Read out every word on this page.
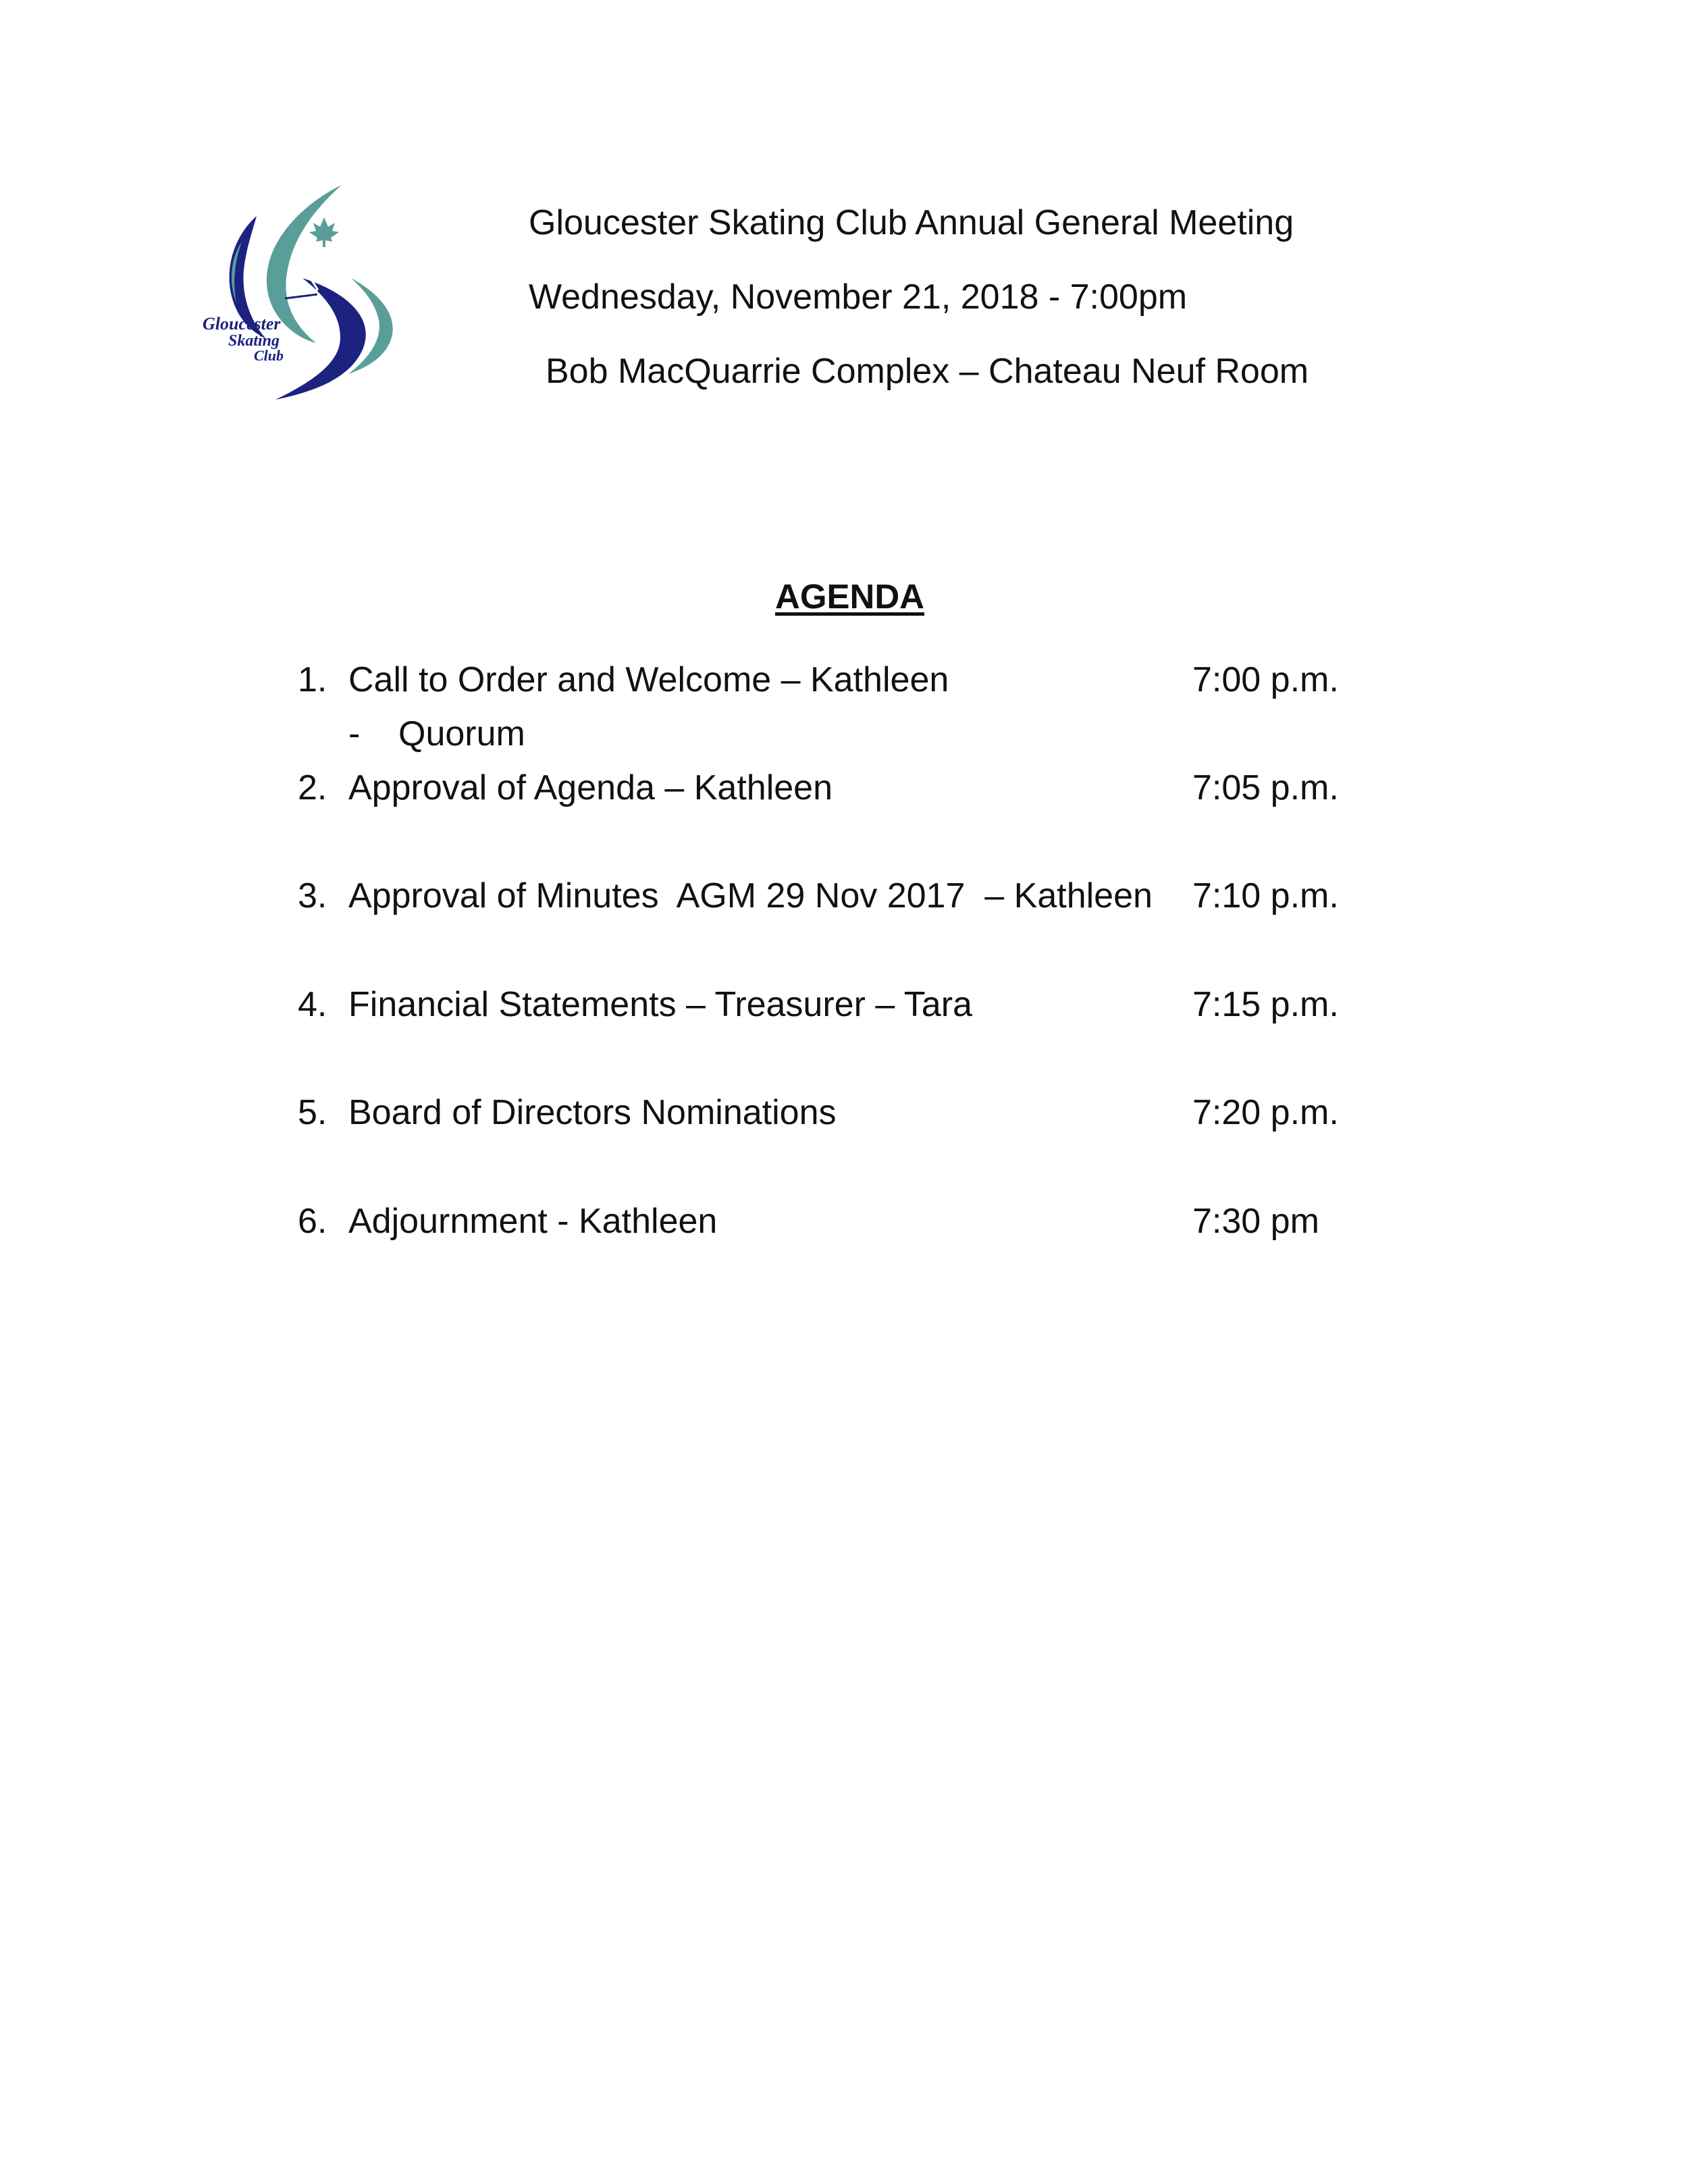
Gloucester
Skating
Club
Gloucester Skating Club Annual General Meeting
Wednesday, November 21, 2018 - 7:00pm
Bob MacQuarrie Complex – Chateau Neuf Room
AGENDA
1. Call to Order and Welcome – Kathleen	7:00 p.m.
- Quorum
2. Approval of Agenda – Kathleen	7:05 p.m.
3. Approval of Minutes  AGM 29 Nov 2017  – Kathleen 7:10 p.m.
4. Financial Statements – Treasurer – Tara	7:15 p.m.
5. Board of Directors Nominations	7:20 p.m.
6. Adjournment - Kathleen	7:30 pm
